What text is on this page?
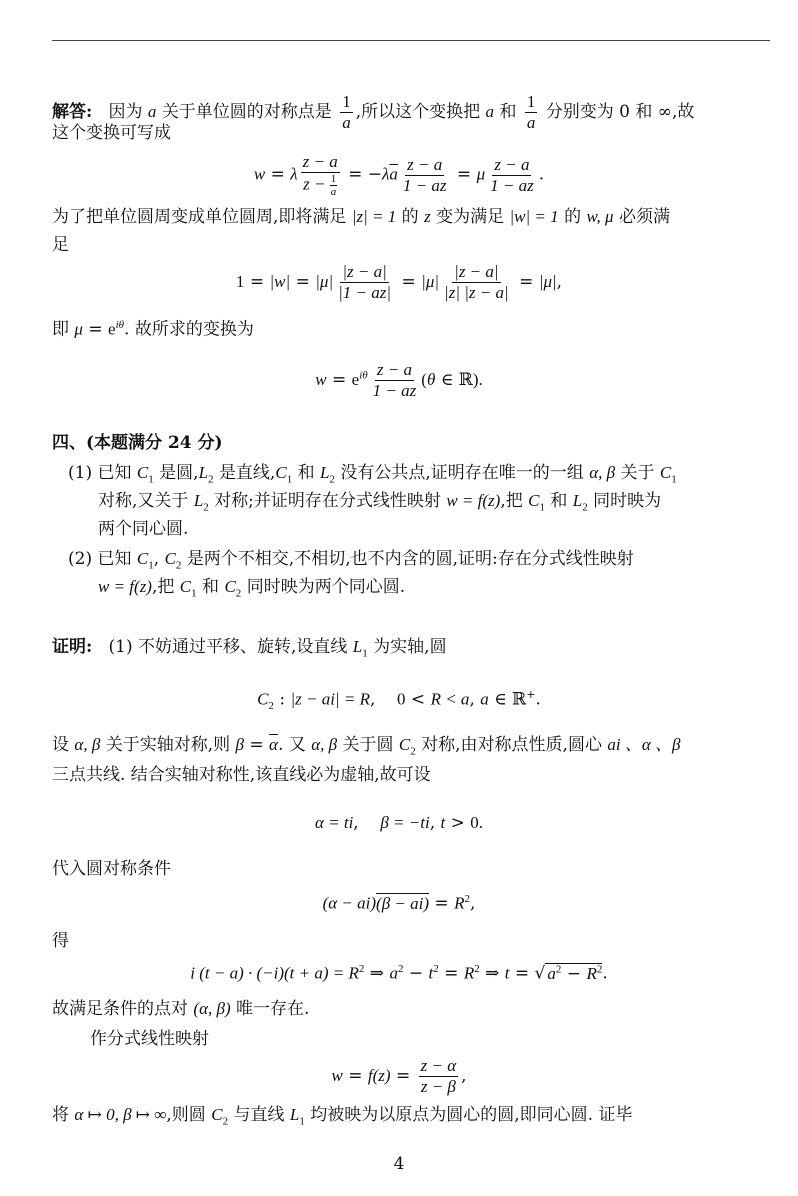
解答: 因为 a 关于单位圆的对称点是 $\frac{1}{a}$ ,所以这个变换把 a 和 $\frac{1}{a}$ 分别变为 0 和 ∞,故
这个变换可写成
w = λ $\frac{z - a}{z - \frac{1}{a}} = -\lambda\overline{a} \frac{z - a}{1 - \overline{a}z} = \mu \frac{z - a}{1 - \overline{a}z}$ .
为了把单位圆周变成单位圆周,即将满足 |z| = 1 的 z 变为满足 |w| = 1 的 w, μ 必须满
足
$1 = |w| = |\mu| \frac{|z - a|}{|1 - \overline{a}z|} = |\mu| \frac{|z - a|}{|z| |\overline{z} - a|} = |\mu|$,
即 $\mu = e^{i\theta}$. 故所求的变换为
$w = e^{i\theta} \frac{z - a}{1 - \overline{a}z} (\theta$ ∈ ℝ).
四、(本题满分 24 分)
(1) 已知 $C_1$ 是圆$,L_2$ 是直线$,C_1$ 和 $L_2$ 没有公共点,证明存在唯一的一组 α, β 关于 $C_1$
对称,又关于 $L_2$ 对称;并证明存在分式线性映射 w = f(z),把 $C_1$ 和 $L_2$ 同时映为
两个同心圆.
(2) 已知 $C_1$, $C_2$ 是两个不相交,不相切,也不内含的圆,证明:存在分式线性映射
w = f(z),把 $C_1$ 和 $C_2$ 同时映为两个同心圆.
证明: (1) 不妨通过平移、旋转,设直线 $L_1$ 为实轴,圆
$C_2$ : |z − ai| = R,    0 < R < a, a ∈ ℝ+.
设 α, β 关于实轴对称,则 $\beta = \overline{\alpha}$. 又 α, β 关于圆 $C_2$ 对称,由对称点性质,圆心 ai 、α 、β
三点共线. 结合实轴对称性,该直线必为虚轴,故可设
α = ti,    β = −ti, t > 0.
代入圆对称条件
$(\alpha - ai)(\beta - ai) = R^2$,
得
i $(t - a) \cdot (-i)(t + a) = R^2$ ⇒ $a^2 - t^2 = R^2$ ⇒ t = √ $a^2 - R^2$.
故满足条件的点对 (α, β) 唯一存在.
作分式线性映射
$w = f(z) = \frac{z - \alpha}{z - \beta}$ ,
将 α ↦ 0, β ↦ ∞,则圆 $C_2$ 与直线 $L_1$ 均被映为以原点为圆心的圆,即同心圆. 证毕
4
